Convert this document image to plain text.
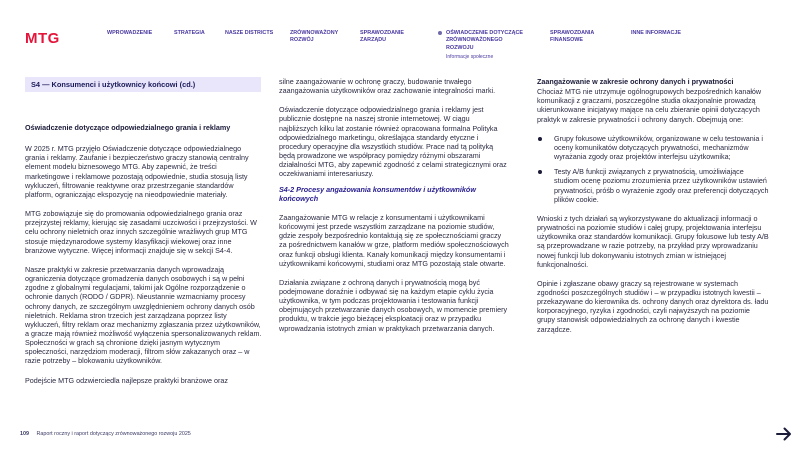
MTG	WPROWADZENIE	STRATEGIA	NASZE DISTRICTS	ZRÓWNOWAŻONY
ROZWÓJ
SPRAWOZDANIE
ZARZĄDU
OŚWIADCZENIE DOTYCZĄCE
ZRÓWNOWAŻONEGO
ROZWOJU
Informacje społeczne
SPRAWOZDANIA
FINANSOWE
INNE INFORMACJE
S4 — Konsumenci i użytkownicy końcowi (cd.)

Oświadczenie dotyczące odpowiedzialnego grania i reklamy

W 2025 r. MTG przyjęło Oświadczenie dotyczące odpowiedzialnego grania i reklamy. Zaufanie i bezpieczeństwo graczy stanowią centralny element modelu biznesowego MTG. Aby zapewnić, że treści marketingowe i reklamowe pozostają odpowiednie, studia stosują listy wykluczeń, filtrowanie reaktywne oraz przestrzeganie standardów platform, ograniczając ekspozycję na nieodpowiednie materiały.

MTG zobowiązuje się do promowania odpowiedzialnego grania oraz przejrzystej reklamy, kierując się zasadami uczciwości i przejrzystości. W celu ochrony nieletnich oraz innych szczególnie wrażliwych grup MTG stosuje międzynarodowe systemy klasyfikacji wiekowej oraz inne branżowe wytyczne. Więcej informacji znajduje się w sekcji S4-4.

Nasze praktyki w zakresie przetwarzania danych wprowadzają ograniczenia dotyczące gromadzenia danych osobowych i są w pełni zgodne z globalnymi regulacjami, takimi jak Ogólne rozporządzenie o ochronie danych (RODO / GDPR). Nieustannie wzmacniamy procesy ochrony danych, ze szczególnym uwzględnieniem ochrony danych osób nieletnich. Reklama stron trzecich jest zarządzana poprzez listy wykluczeń, filtry reklam oraz mechanizmy zgłaszania przez użytkowników, a gracze mają również możliwość wyłączenia spersonalizowanych reklam. Społeczności w grach są chronione dzięki jasnym wytycznym społeczności, narzędziom moderacji, filtrom słów zakazanych oraz – w razie potrzeby – blokowaniu użytkowników.

Podejście MTG odzwierciedla najlepsze praktyki branżowe oraz

silne zaangażowanie w ochronę graczy, budowanie trwałego zaangażowania użytkowników oraz zachowanie integralności marki.

Oświadczenie dotyczące odpowiedzialnego grania i reklamy jest publicznie dostępne na naszej stronie internetowej. W ciągu najbliższych kilku lat zostanie również opracowana formalna Polityka odpowiedzialnego marketingu, określająca standardy etyczne i procedury operacyjne dla wszystkich studiów. Prace nad tą polityką będą prowadzone we współpracy pomiędzy różnymi obszarami działalności MTG, aby zapewnić zgodność z celami strategicznymi oraz oczekiwaniami interesariuszy.

S4-2 Procesy angażowania konsumentów i użytkowników końcowych

Zaangażowanie MTG w relacje z konsumentami i użytkownikami końcowymi jest przede wszystkim zarządzane na poziomie studiów, gdzie zespoły bezpośrednio kontaktują się ze społecznościami graczy za pośrednictwem kanałów w grze, platform mediów społecznościowych oraz funkcji obsługi klienta. Kanały komunikacji między konsumentami i użytkownikami końcowymi, studiami oraz MTG pozostają stale otwarte.

Działania związane z ochroną danych i prywatnością mogą być podejmowane doraźnie i odbywać się na każdym etapie cyklu życia użytkownika, w tym podczas projektowania i testowania funkcji obejmujących przetwarzanie danych osobowych, w momencie premiery produktu, w trakcie jego bieżącej eksploatacji oraz w przypadku wprowadzania istotnych zmian w praktykach przetwarzania danych.

Zaangażowanie w zakresie ochrony danych i prywatności

Chociaż MTG nie utrzymuje ogólnogrupowych bezpośrednich kanałów komunikacji z graczami, poszczególne studia okazjonalnie prowadzą ukierunkowane inicjatywy mające na celu zbieranie opinii dotyczących praktyk w zakresie prywatności i ochrony danych. Obejmują one:

Grupy fokusowe użytkowników, organizowane w celu testowania i oceny komunikatów dotyczących prywatności, mechanizmów wyrażania zgody oraz projektów interfejsu użytkownika;
Testy A/B funkcji związanych z prywatnością, umożliwiające studiom ocenę poziomu zrozumienia przez użytkowników ustawień prywatności, próśb o wyrażenie zgody oraz preferencji dotyczących plików cookie.

Wnioski z tych działań są wykorzystywane do aktualizacji informacji o prywatności na poziomie studiów i całej grupy, projektowania interfejsu użytkownika oraz standardów komunikacji. Grupy fokusowe lub testy A/B są przeprowadzane w razie potrzeby, na przykład przy wprowadzaniu nowej funkcji lub dokonywaniu istotnych zmian w istniejącej funkcjonalności.

Opinie i zgłaszane obawy graczy są rejestrowane w systemach zgodności poszczególnych studiów i – w przypadku istotnych kwestii – przekazywane do kierownika ds. ochrony danych oraz dyrektora ds. ładu korporacyjnego, ryzyka i zgodności, czyli najwyższych na poziomie grupy stanowisk odpowiedzialnych za ochronę danych i kwestie zarządcze.

109 Raport roczny i raport dotyczący zrównoważonego rozwoju 2025
